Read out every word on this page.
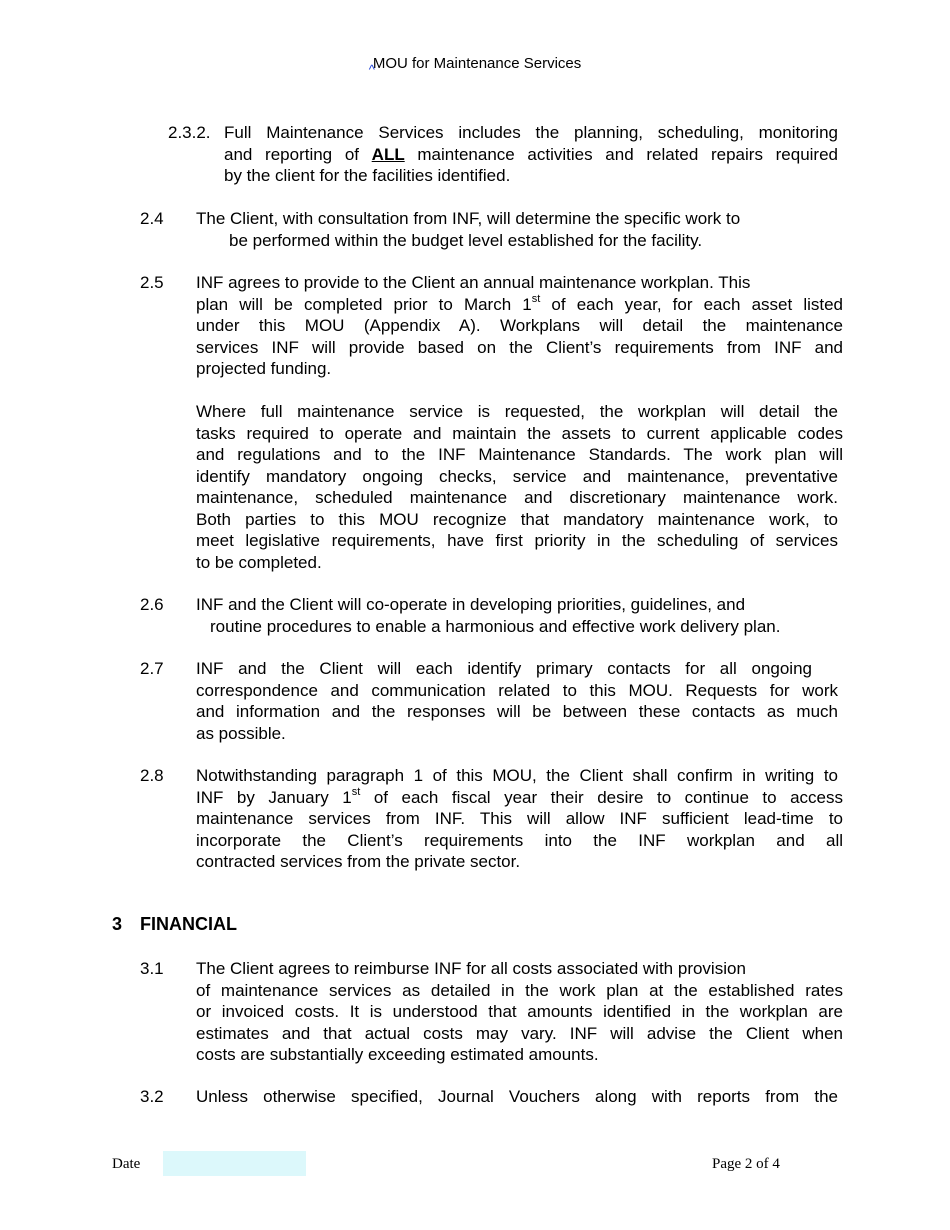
^MOU for Maintenance Services
2.3.2. Full Maintenance Services includes the planning, scheduling, monitoring
and reporting of ALL maintenance activities and related repairs required
by the client for the facilities identified.
2.4 The Client, with consultation from INF, will determine the specific work to
be performed within the budget level established for the facility.
2.5 INF agrees to provide to the Client an annual maintenance workplan. This
plan will be completed prior to March 1st of each year, for each asset listed
under this MOU (Appendix A). Workplans will detail the maintenance
services INF will provide based on the Client’s requirements from INF and
projected funding.
Where full maintenance service is requested, the workplan will detail the
tasks required to operate and maintain the assets to current applicable codes
and regulations and to the INF Maintenance Standards. The work plan will
identify mandatory ongoing checks, service and maintenance, preventative
maintenance, scheduled maintenance and discretionary maintenance work.
Both parties to this MOU recognize that mandatory maintenance work, to
meet legislative requirements, have first priority in the scheduling of services
to be completed.
2.6 INF and the Client will co-operate in developing priorities, guidelines, and
routine procedures to enable a harmonious and effective work delivery plan.
2.7 INF and the Client will each identify primary contacts for all ongoing
correspondence and communication related to this MOU. Requests for work
and information and the responses will be between these contacts as much
as possible.
2.8 Notwithstanding paragraph 1 of this MOU, the Client shall confirm in writing to
INF by January 1st of each fiscal year their desire to continue to access
maintenance services from INF. This will allow INF sufficient lead-time to
incorporate the Client’s requirements into the INF workplan and all
contracted services from the private sector.
3 FINANCIAL
3.1 The Client agrees to reimburse INF for all costs associated with provision
of maintenance services as detailed in the work plan at the established rates
or invoiced costs. It is understood that amounts identified in the workplan are
estimates and that actual costs may vary. INF will advise the Client when
costs are substantially exceeding estimated amounts.
3.2 Unless otherwise specified, Journal Vouchers along with reports from the
Date	Page 2 of 4
